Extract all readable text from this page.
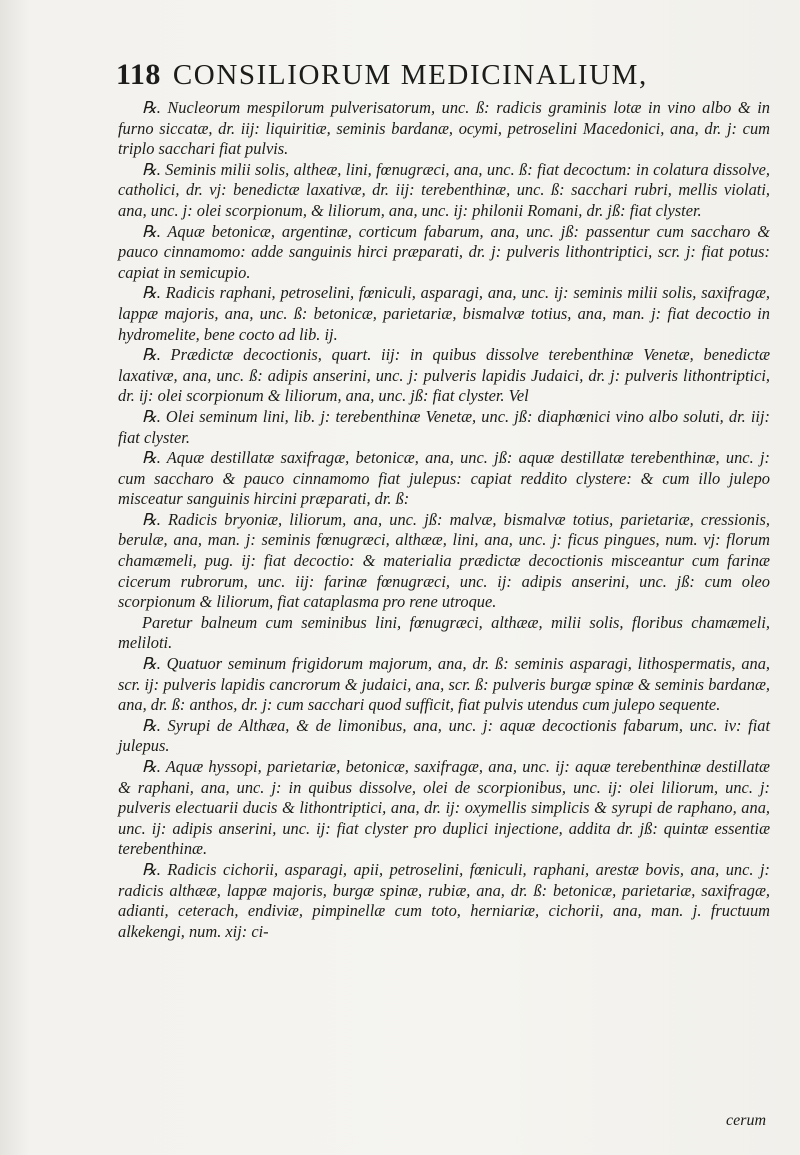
118 CONSILIORUM MEDICINALIUM,

℞. Nucleorum mespilorum pulverisatorum, unc. ß: radicis graminis lotæ in vino albo & in furno siccatæ, dr. iij: liquiritiæ, seminis bardanæ, ocymi, petroselini Macedonici, ana, dr. j: cum triplo sacchari fiat pulvis.

℞. Seminis milii solis, altheæ, lini, fœnugræci, ana, unc. ß: fiat decoctum: in colatura dissolve, catholici, dr. vj: benedictæ laxativæ, dr. iij: terebenthinæ, unc. ß: sacchari rubri, mellis violati, ana, unc. j: olei scorpionum, & liliorum, ana, unc. ij: philonii Romani, dr. jß: fiat clyster.

℞. Aquæ betonicæ, argentinæ, corticum fabarum, ana, unc. jß: passentur cum saccharo & pauco cinnamomo: adde sanguinis hirci præparati, dr. j: pulveris lithontriptici, scr. j: fiat potus: capiat in semicupio.

℞. Radicis raphani, petroselini, fœniculi, asparagi, ana, unc. ij: seminis milii solis, saxifragæ, lappæ majoris, ana, unc. ß: betonicæ, parietariæ, bismalvæ totius, ana, man. j: fiat decoctio in hydromelite, bene cocto ad lib. ij.

℞. Prædictæ decoctionis, quart. iij: in quibus dissolve terebenthinæ Venetæ, benedictæ laxativæ, ana, unc. ß: adipis anserini, unc. j: pulveris lapidis Judaici, dr. j: pulveris lithontriptici, dr. ij: olei scorpionum & liliorum, ana, unc. jß: fiat clyster. Vel

℞. Olei seminum lini, lib. j: terebenthinæ Venetæ, unc. jß: diaphœnici vino albo soluti, dr. iij: fiat clyster.

℞. Aquæ destillatæ saxifragæ, betonicæ, ana, unc. jß: aquæ destillatæ terebenthinæ, unc. j: cum saccharo & pauco cinnamomo fiat julepus: capiat reddito clystere: & cum illo julepo misceatur sanguinis hircini præparati, dr. ß:

℞. Radicis bryoniæ, liliorum, ana, unc. jß: malvæ, bismalvæ totius, parietariæ, cressionis, berulæ, ana, man. j: seminis fœnugræci, althææ, lini, ana, unc. j: ficus pingues, num. vj: florum chamæmeli, pug. ij: fiat decoctio: & materialia prædictæ decoctionis misceantur cum farinæ cicerum rubrorum, unc. iij: farinæ fœnugræci, unc. ij: adipis anserini, unc. jß: cum oleo scorpionum & liliorum, fiat cataplasma pro rene utroque.

Paretur balneum cum seminibus lini, fœnugræci, althææ, milii solis, floribus chamæmeli, meliloti.

℞. Quatuor seminum frigidorum majorum, ana, dr. ß: seminis asparagi, lithospermatis, ana, scr. ij: pulveris lapidis cancrorum & judaici, ana, scr. ß: pulveris burgæ spinæ & seminis bardanæ, ana, dr. ß: anthos, dr. j: cum sacchari quod sufficit, fiat pulvis utendus cum julepo sequente.

℞. Syrupi de Althæa, & de limonibus, ana, unc. j: aquæ decoctionis fabarum, unc. iv: fiat julepus.

℞. Aquæ hyssopi, parietariæ, betonicæ, saxifragæ, ana, unc. ij: aquæ terebenthinæ destillatæ & raphani, ana, unc. j: in quibus dissolve, olei de scorpionibus, unc. ij: olei liliorum, unc. j: pulveris electuarii ducis & lithontriptici, ana, dr. ij: oxymellis simplicis & syrupi de raphano, ana, unc. ij: adipis anserini, unc. ij: fiat clyster pro duplici injectione, addita dr. jß: quintæ essentiæ terebenthinæ.

℞. Radicis cichorii, asparagi, apii, petroselini, fœniculi, raphani, arestæ bovis, ana, unc. j: radicis althææ, lappæ majoris, burgæ spinæ, rubiæ, ana, dr. ß: betonicæ, parietariæ, saxifragæ, adianti, ceterach, endiviæ, pimpinellæ cum toto, herniariæ, cichorii, ana, man. j. fructuum alkekengi, num. xij: ci-

cerum
